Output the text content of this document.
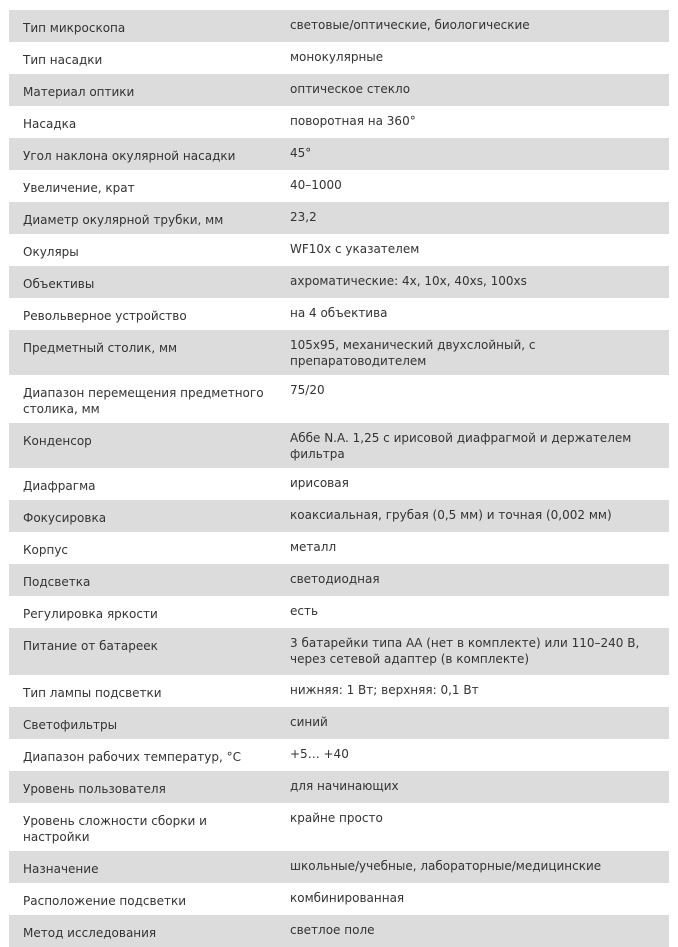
Тип микроскопа	световые/оптические, биологические
Тип насадки	монокулярные
Материал оптики	оптическое стекло
Насадка	поворотная на 360°
Угол наклона окулярной насадки	45°
Увеличение, крат	40–1000
Диаметр окулярной трубки, мм	23,2
Окуляры	WF10x с указателем
Объективы	ахроматические: 4x, 10x, 40xs, 100xs
Револьверное устройство	на 4 объектива
Предметный столик, мм	105x95, механический двухслойный, с препаратоводителем
Диапазон перемещения предметного столика, мм	75/20
Конденсор	Аббе N.A. 1,25 с ирисовой диафрагмой и держателем фильтра
Диафрагма	ирисовая
Фокусировка	коаксиальная, грубая (0,5 мм) и точная (0,002 мм)
Корпус	металл
Подсветка	светодиодная
Регулировка яркости	есть
Питание от батареек	3 батарейки типа АА (нет в комплекте) или 110–240 В, через сетевой адаптер (в комплекте)
Тип лампы подсветки	нижняя: 1 Вт; верхняя: 0,1 Вт
Светофильтры	синий
Диапазон рабочих температур, °С	+5… +40
Уровень пользователя	для начинающих
Уровень сложности сборки и настройки	крайне просто
Назначение	школьные/учебные, лабораторные/медицинские
Расположение подсветки	комбинированная
Метод исследования	светлое поле
